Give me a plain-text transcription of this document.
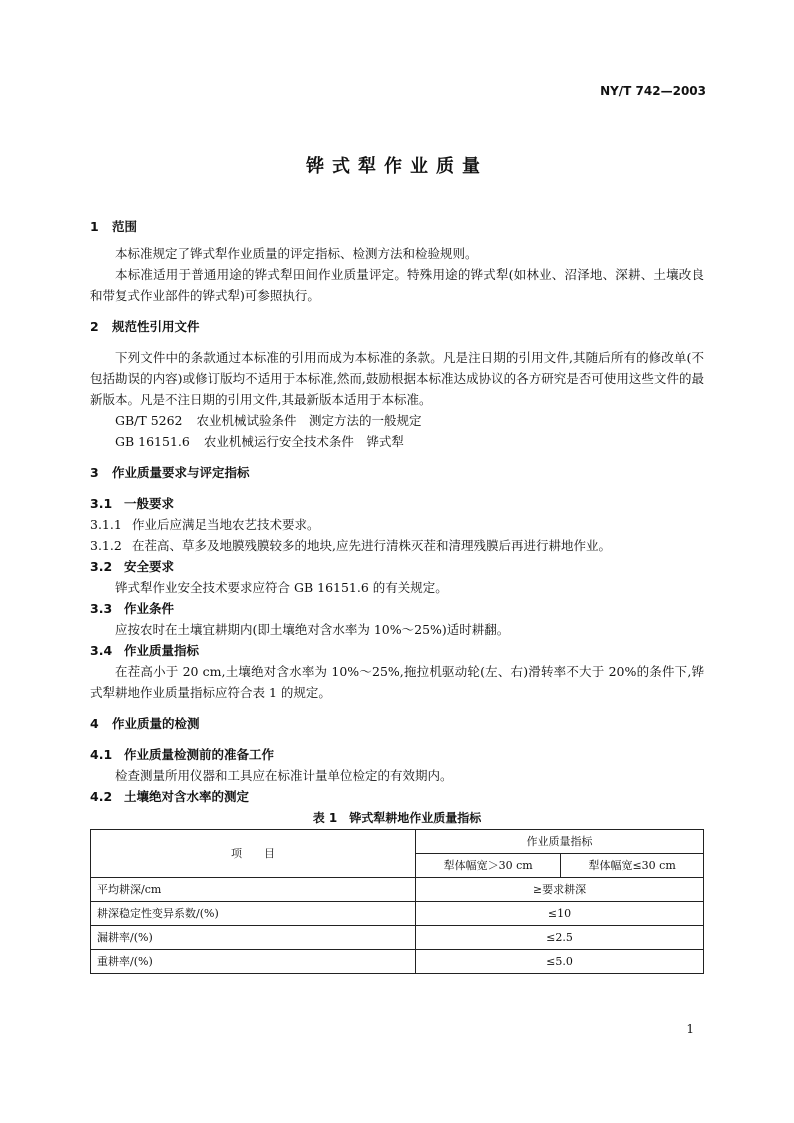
NY/T 742—2003
铧式犁作业质量

1 范围

本标准规定了铧式犁作业质量的评定指标、检测方法和检验规则。

本标准适用于普通用途的铧式犁田间作业质量评定。特殊用途的铧式犁(如林业、沼泽地、深耕、土壤改良和带复式作业部件的铧式犁)可参照执行。

2 规范性引用文件

下列文件中的条款通过本标准的引用而成为本标准的条款。凡是注日期的引用文件,其随后所有的修改单(不包括勘误的内容)或修订版均不适用于本标准,然而,鼓励根据本标准达成协议的各方研究是否可使用这些文件的最新版本。凡是不注日期的引用文件,其最新版本适用于本标准。

GB/T 5262 农业机械试验条件　测定方法的一般规定

GB 16151.6 农业机械运行安全技术条件　铧式犁

3 作业质量要求与评定指标

3.1 一般要求

3.1.1 作业后应满足当地农艺技术要求。

3.1.2 在茬高、草多及地膜残膜较多的地块,应先进行清株灭茬和清理残膜后再进行耕地作业。

3.2 安全要求

铧式犁作业安全技术要求应符合 GB 16151.6 的有关规定。

3.3 作业条件

应按农时在土壤宜耕期内(即土壤绝对含水率为 10%～25%)适时耕翻。

3.4 作业质量指标

在茬高小于 20 cm,土壤绝对含水率为 10%～25%,拖拉机驱动轮(左、右)滑转率不大于 20%的条件下,铧式犁耕地作业质量指标应符合表 1 的规定。

4 作业质量的检测

4.1 作业质量检测前的准备工作

检查测量所用仪器和工具应在标准计量单位检定的有效期内。

4.2 土壤绝对含水率的测定

表 1　铧式犁耕地作业质量指标

项　　目	作业质量指标	
	犁体幅宽＞30 cm	犁体幅宽≤30 cm
平均耕深/cm	≥要求耕深	
耕深稳定性变异系数/(%)	≤10	
漏耕率/(%)	≤2.5	
重耕率/(%)	≤5.0	
1
